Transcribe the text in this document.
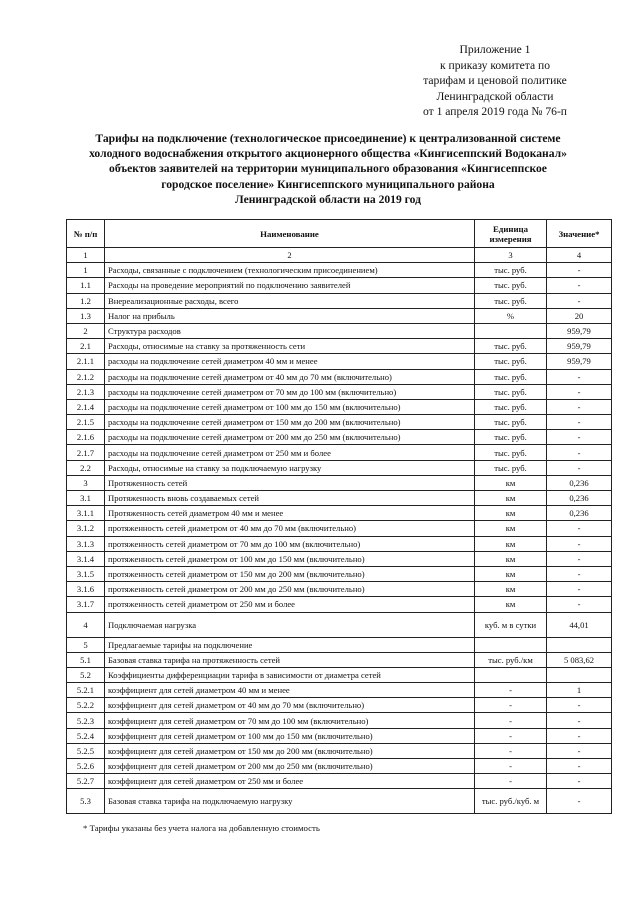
Приложение 1
к приказу комитета по
тарифам и ценовой политике
Ленинградской области
от 1 апреля 2019 года № 76-п
Тарифы на подключение (технологическое присоединение) к централизованной системе
холодного водоснабжения открытого акционерного общества «Кингисеппский Водоканал»
объектов заявителей на территории муниципального образования «Кингисеппское
городское поселение» Кингисеппского муниципального района
Ленинградской области на 2019 год
№ п/п	Наименование	Единица измерения	Значение*
1	2	3	4
1	Расходы, связанные с подключением (технологическим присоединением)	тыс. руб.	-
1.1	Расходы на проведение мероприятий по подключению заявителей	тыс. руб.	-
1.2	Внереализационные расходы, всего	тыс. руб.	-
1.3	Налог на прибыль	%	20
2	Структура расходов		959,79
2.1	Расходы, относимые на ставку за протяженность сети	тыс. руб.	959,79
2.1.1	расходы на подключение сетей диаметром 40 мм и менее	тыс. руб.	959,79
2.1.2	расходы на подключение сетей диаметром от 40 мм до 70 мм (включительно)	тыс. руб.	-
2.1.3	расходы на подключение сетей диаметром от 70 мм до 100 мм (включительно)	тыс. руб.	-
2.1.4	расходы на подключение сетей диаметром от 100 мм до 150 мм (включительно)	тыс. руб.	-
2.1.5	расходы на подключение сетей диаметром от 150 мм до 200 мм (включительно)	тыс. руб.	-
2.1.6	расходы на подключение сетей диаметром от 200 мм до 250 мм (включительно)	тыс. руб.	-
2.1.7	расходы на подключение сетей диаметром от 250 мм и более	тыс. руб.	-
2.2	Расходы, относимые на ставку за подключаемую нагрузку	тыс. руб.	-
3	Протяженность сетей	км	0,236
3.1	Протяженность вновь создаваемых сетей	км	0,236
3.1.1	Протяженность сетей диаметром 40 мм и менее	км	0,236
3.1.2	протяженность сетей диаметром от 40 мм до 70 мм (включительно)	км	-
3.1.3	протяженность сетей диаметром от 70 мм до 100 мм (включительно)	км	-
3.1.4	протяженность сетей диаметром от 100 мм до 150 мм (включительно)	км	-
3.1.5	протяженность сетей диаметром от 150 мм до 200 мм (включительно)	км	-
3.1.6	протяженность сетей диаметром от 200 мм до 250 мм (включительно)	км	-
3.1.7	протяженность сетей диаметром от 250 мм и более	км	-
4	Подключаемая нагрузка	куб. м в сутки	44,01
5	Предлагаемые тарифы на подключение		
5.1	Базовая ставка тарифа на протяженность сетей	тыс. руб./км	5 083,62
5.2	Коэффициенты дифференциации тарифа в зависимости от диаметра сетей		
5.2.1	коэффициент для сетей диаметром 40 мм и менее	-	1
5.2.2	коэффициент для сетей диаметром от 40 мм до 70 мм (включительно)	-	-
5.2.3	коэффициент для сетей диаметром от 70 мм до 100 мм (включительно)	-	-
5.2.4	коэффициент для сетей диаметром от 100 мм до 150 мм (включительно)	-	-
5.2.5	коэффициент для сетей диаметром от 150 мм до 200 мм (включительно)	-	-
5.2.6	коэффициент для сетей диаметром от 200 мм до 250 мм (включительно)	-	-
5.2.7	коэффициент для сетей диаметром от 250 мм и более	-	-
5.3	Базовая ставка тарифа на подключаемую нагрузку	тыс. руб./куб. м	-
* Тарифы указаны без учета налога на добавленную стоимость
